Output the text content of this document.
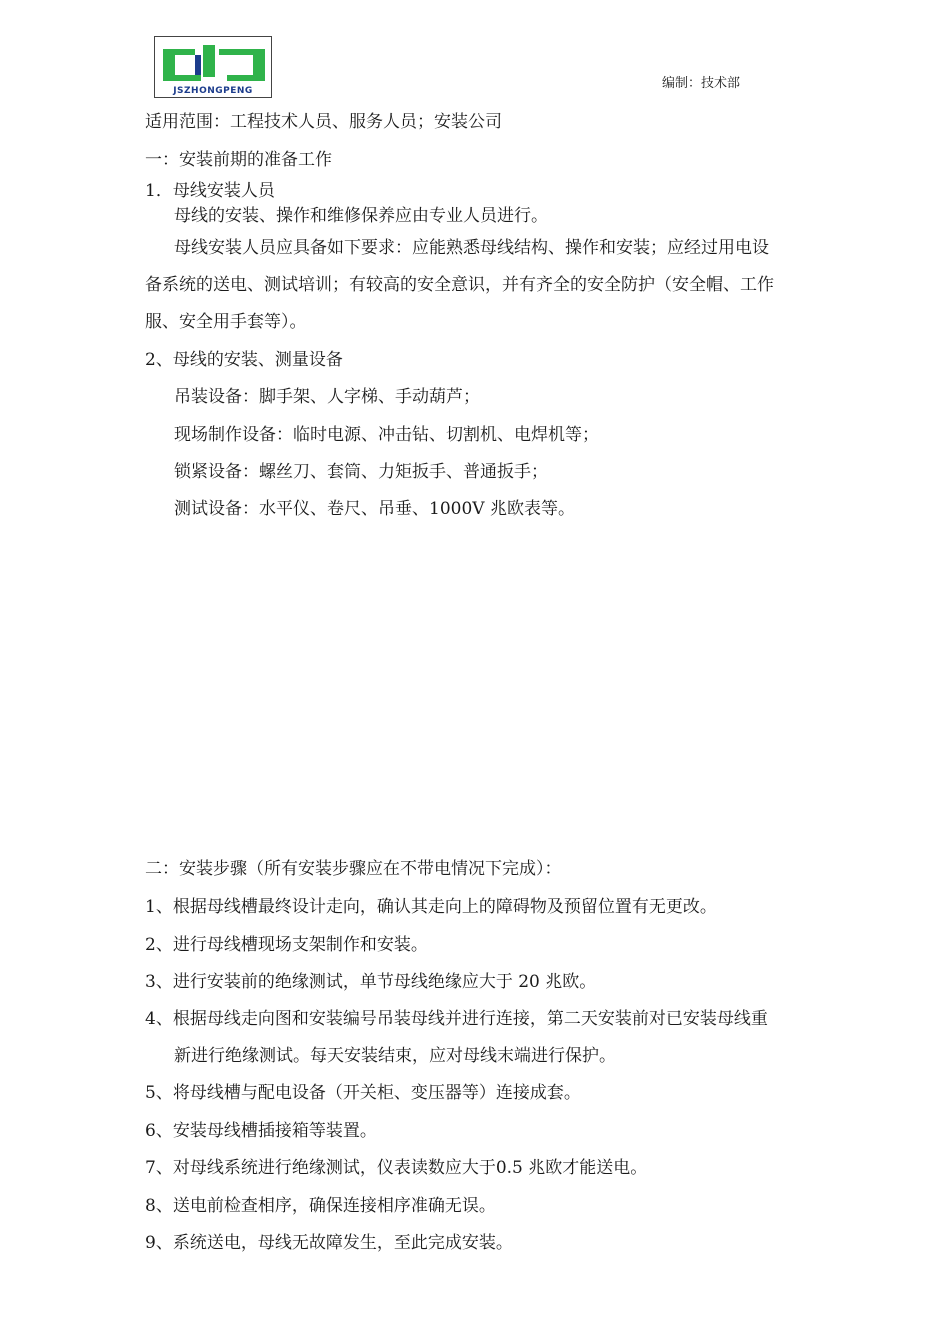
JSZHONGPENG	编制：技术部
适用范围：工程技术人员、服务人员；安装公司
一：安装前期的准备工作
1．母线安装人员
母线的安装、操作和维修保养应由专业人员进行。
母线安装人员应具备如下要求：应能熟悉母线结构、操作和安装；应经过用电设
备系统的送电、测试培训；有较高的安全意识，并有齐全的安全防护（安全帽、工作
服、安全用手套等）。
2、母线的安装、测量设备
吊装设备：脚手架、人字梯、手动葫芦；
现场制作设备：临时电源、冲击钻、切割机、电焊机等；
锁紧设备：螺丝刀、套筒、力矩扳手、普通扳手；
测试设备：水平仪、卷尺、吊垂、1000V 兆欧表等。
二：安装步骤（所有安装步骤应在不带电情况下完成）：
1、根据母线槽最终设计走向，确认其走向上的障碍物及预留位置有无更改。
2、进行母线槽现场支架制作和安装。
3、进行安装前的绝缘测试，单节母线绝缘应大于 20 兆欧。
4、根据母线走向图和安装编号吊装母线并进行连接，第二天安装前对已安装母线重
新进行绝缘测试。每天安装结束，应对母线末端进行保护。
5、将母线槽与配电设备（开关柜、变压器等）连接成套。
6、安装母线槽插接箱等装置。
7、对母线系统进行绝缘测试，仪表读数应大于0.5 兆欧才能送电。
8、送电前检查相序，确保连接相序准确无误。
9、系统送电，母线无故障发生，至此完成安装。
